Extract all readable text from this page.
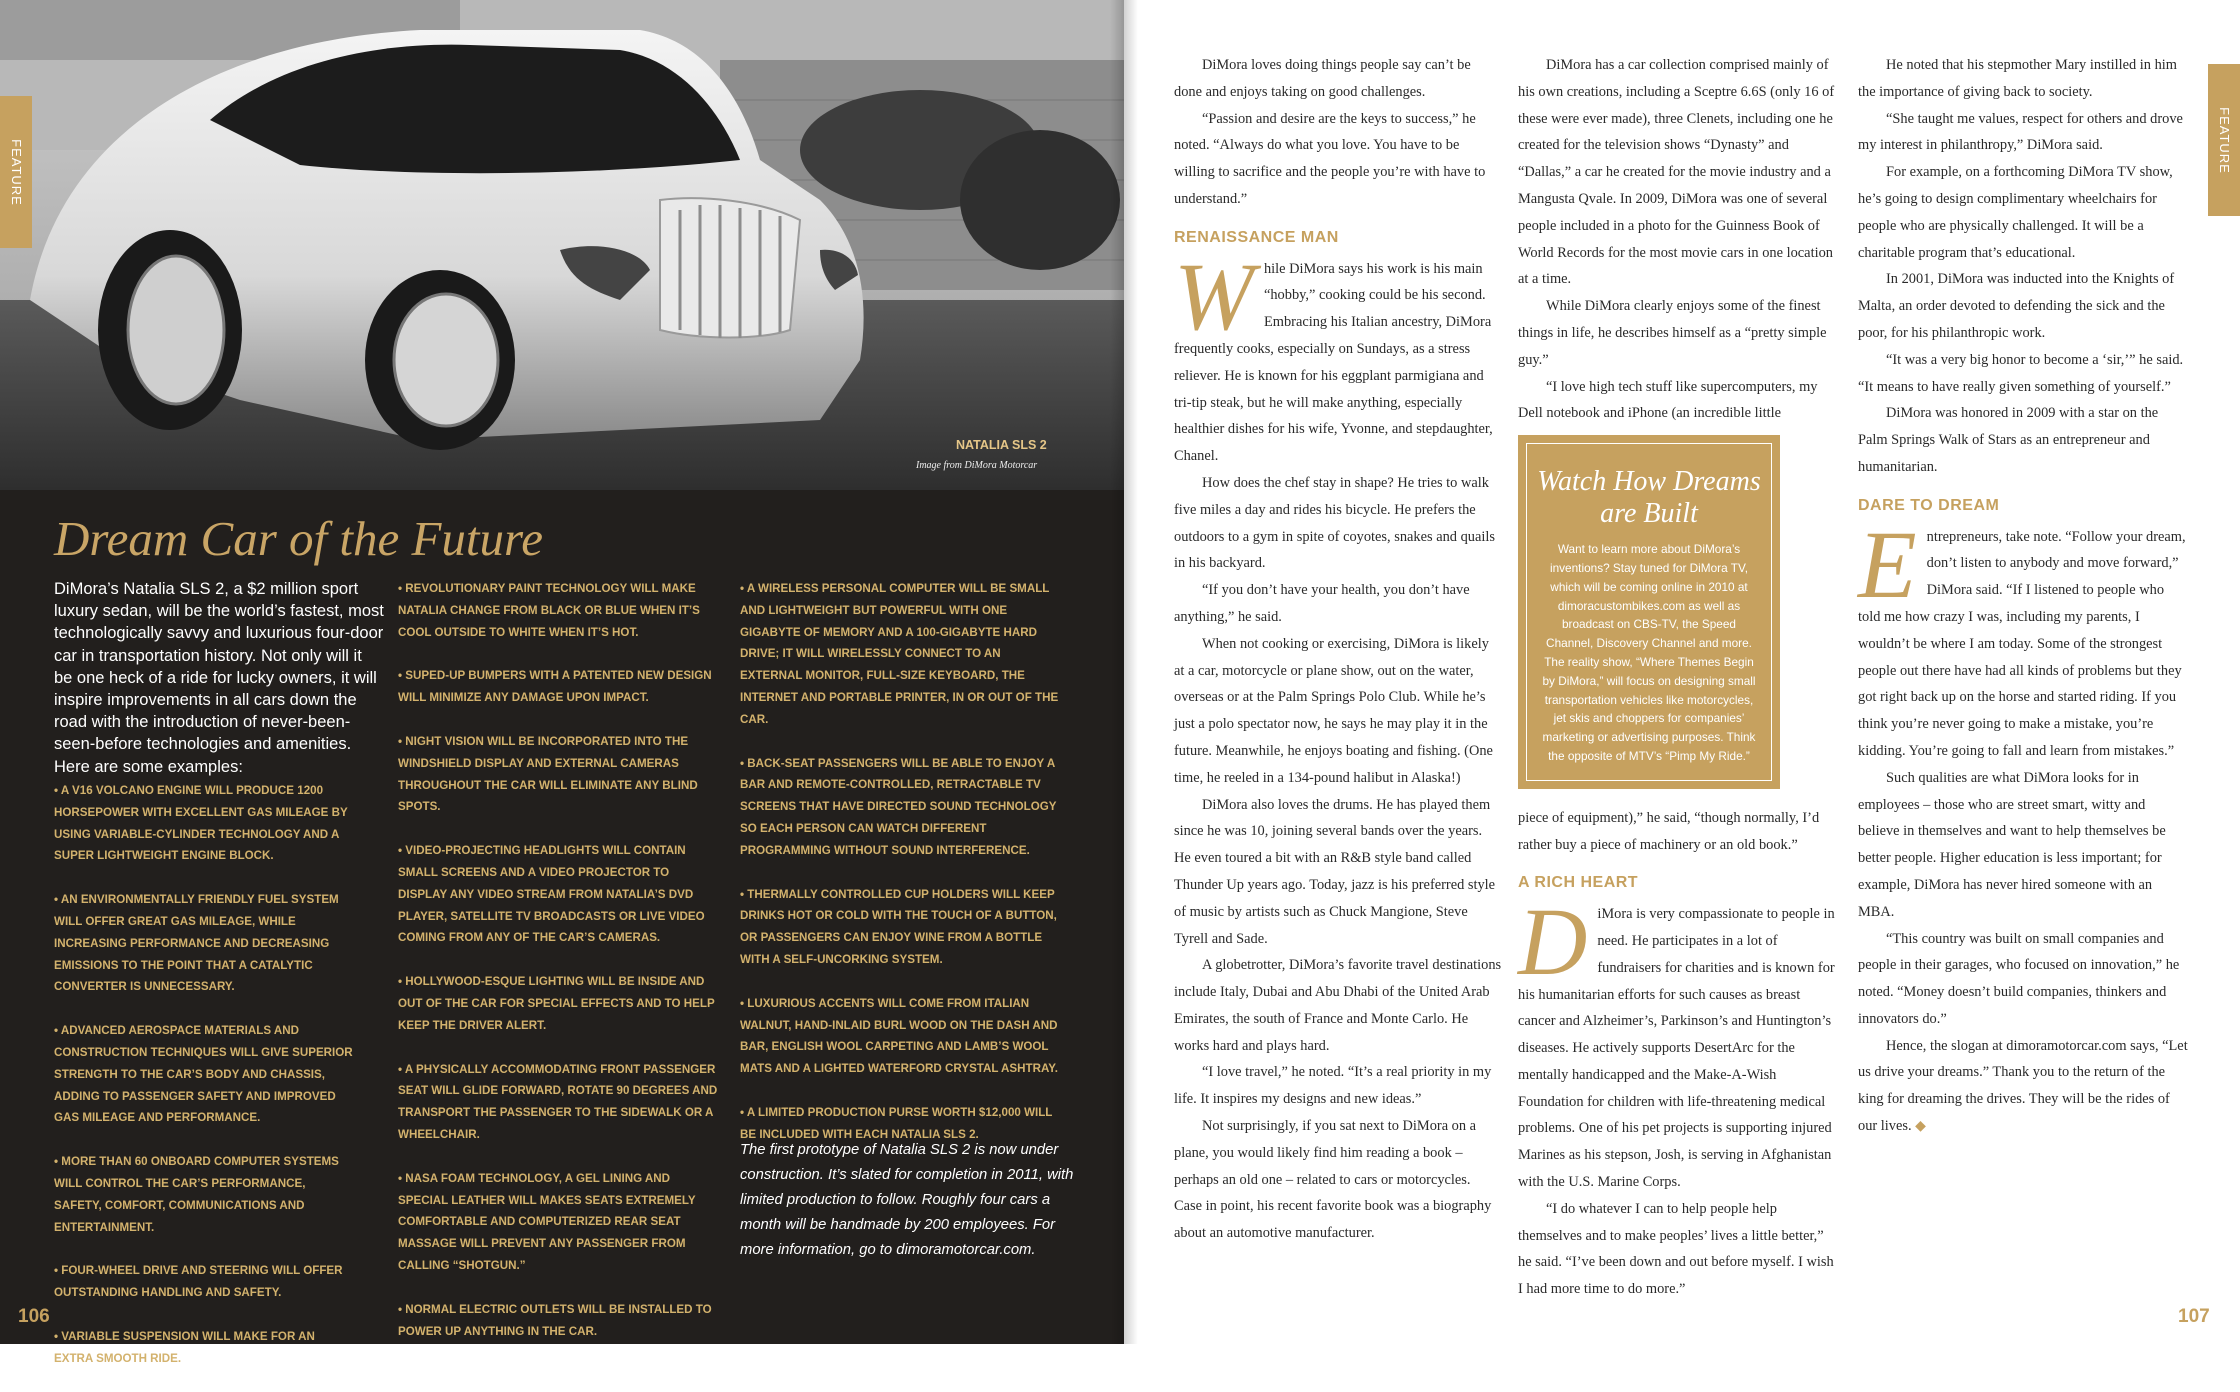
FEATURE
NATALIA SLS 2
Image from DiMora Motorcar
Dream Car of the Future
DiMora’s Natalia SLS 2, a $2 million sport luxury sedan, will be the world’s fastest, most technologically savvy and luxurious four-door car in transportation history. Not only will it be one heck of a ride for lucky owners, it will inspire improvements in all cars down the road with the introduction of never-been-seen-before technologies and amenities. Here are some examples:
• A V16 VOLCANO ENGINE WILL PRODUCE 1200 HORSEPOWER WITH EXCELLENT GAS MILEAGE BY USING VARIABLE-CYLINDER TECHNOLOGY AND A SUPER LIGHTWEIGHT ENGINE BLOCK.
• AN ENVIRONMENTALLY FRIENDLY FUEL SYSTEM WILL OFFER GREAT GAS MILEAGE, WHILE INCREASING PERFORMANCE AND DECREASING EMISSIONS TO THE POINT THAT A CATALYTIC CONVERTER IS UNNECESSARY.
• ADVANCED AEROSPACE MATERIALS AND CONSTRUCTION TECHNIQUES WILL GIVE SUPERIOR STRENGTH TO THE CAR’S BODY AND CHASSIS, ADDING TO PASSENGER SAFETY AND IMPROVED GAS MILEAGE AND PERFORMANCE.
• MORE THAN 60 ONBOARD COMPUTER SYSTEMS WILL CONTROL THE CAR’S PERFORMANCE, SAFETY, COMFORT, COMMUNICATIONS AND ENTERTAINMENT.
• FOUR-WHEEL DRIVE AND STEERING WILL OFFER OUTSTANDING HANDLING AND SAFETY.
• VARIABLE SUSPENSION WILL MAKE FOR AN EXTRA SMOOTH RIDE.
• REVOLUTIONARY PAINT TECHNOLOGY WILL MAKE NATALIA CHANGE FROM BLACK OR BLUE WHEN IT’S COOL OUTSIDE TO WHITE WHEN IT’S HOT.
• SUPED-UP BUMPERS WITH A PATENTED NEW DESIGN WILL MINIMIZE ANY DAMAGE UPON IMPACT.
• NIGHT VISION WILL BE INCORPORATED INTO THE WINDSHIELD DISPLAY AND EXTERNAL CAMERAS THROUGHOUT THE CAR WILL ELIMINATE ANY BLIND SPOTS.
• VIDEO-PROJECTING HEADLIGHTS WILL CONTAIN SMALL SCREENS AND A VIDEO PROJECTOR TO DISPLAY ANY VIDEO STREAM FROM NATALIA’S DVD PLAYER, SATELLITE TV BROADCASTS OR LIVE VIDEO COMING FROM ANY OF THE CAR’S CAMERAS.
• HOLLYWOOD-ESQUE LIGHTING WILL BE INSIDE AND OUT OF THE CAR FOR SPECIAL EFFECTS AND TO HELP KEEP THE DRIVER ALERT.
• A PHYSICALLY ACCOMMODATING FRONT PASSENGER SEAT WILL GLIDE FORWARD, ROTATE 90 DEGREES AND TRANSPORT THE PASSENGER TO THE SIDEWALK OR A WHEELCHAIR.
• NASA FOAM TECHNOLOGY, A GEL LINING AND SPECIAL LEATHER WILL MAKES SEATS EXTREMELY COMFORTABLE AND COMPUTERIZED REAR SEAT MASSAGE WILL PREVENT ANY PASSENGER FROM CALLING “SHOTGUN.”
• NORMAL ELECTRIC OUTLETS WILL BE INSTALLED TO POWER UP ANYTHING IN THE CAR.
• A WIRELESS PERSONAL COMPUTER WILL BE SMALL AND LIGHTWEIGHT BUT POWERFUL WITH ONE GIGABYTE OF MEMORY AND A 100-GIGABYTE HARD DRIVE; IT WILL WIRELESSLY CONNECT TO AN EXTERNAL MONITOR, FULL-SIZE KEYBOARD, THE INTERNET AND PORTABLE PRINTER, IN OR OUT OF THE CAR.
• BACK-SEAT PASSENGERS WILL BE ABLE TO ENJOY A BAR AND REMOTE-CONTROLLED, RETRACTABLE TV SCREENS THAT HAVE DIRECTED SOUND TECHNOLOGY SO EACH PERSON CAN WATCH DIFFERENT PROGRAMMING WITHOUT SOUND INTERFERENCE.
• THERMALLY CONTROLLED CUP HOLDERS WILL KEEP DRINKS HOT OR COLD WITH THE TOUCH OF A BUTTON, OR PASSENGERS CAN ENJOY WINE FROM A BOTTLE WITH A SELF-UNCORKING SYSTEM.
• LUXURIOUS ACCENTS WILL COME FROM ITALIAN WALNUT, HAND-INLAID BURL WOOD ON THE DASH AND BAR, ENGLISH WOOL CARPETING AND LAMB’S WOOL MATS AND A LIGHTED WATERFORD CRYSTAL ASHTRAY.
• A LIMITED PRODUCTION PURSE WORTH $12,000 WILL BE INCLUDED WITH EACH NATALIA SLS 2.
The first prototype of Natalia SLS 2 is now under construction. It’s slated for completion in 2011, with limited production to follow. Roughly four cars a month will be handmade by 200 employees. For more information, go to dimoramotorcar.com.
106
FEATURE

DiMora loves doing things people say can’t be done and enjoys taking on good challenges.

“Passion and desire are the keys to success,” he noted. “Always do what you love. You have to be willing to sacrifice and the people you’re with have to understand.”

RENAISSANCE MAN

While DiMora says his work is his main “hobby,” cooking could be his second. Embracing his Italian ancestry, DiMora frequently cooks, especially on Sundays, as a stress reliever. He is known for his eggplant parmigiana and tri-tip steak, but he will make anything, especially healthier dishes for his wife, Yvonne, and stepdaughter, Chanel.

How does the chef stay in shape? He tries to walk five miles a day and rides his bicycle. He prefers the outdoors to a gym in spite of coyotes, snakes and quails in his backyard.

“If you don’t have your health, you don’t have anything,” he said.

When not cooking or exercising, DiMora is likely at a car, motorcycle or plane show, out on the water, overseas or at the Palm Springs Polo Club. While he’s just a polo spectator now, he says he may play it in the future. Meanwhile, he enjoys boating and fishing. (One time, he reeled in a 134-pound halibut in Alaska!)

DiMora also loves the drums. He has played them since he was 10, joining several bands over the years. He even toured a bit with an R&B style band called Thunder Up years ago. Today, jazz is his preferred style of music by artists such as Chuck Mangione, Steve Tyrell and Sade.

A globetrotter, DiMora’s favorite travel destinations include Italy, Dubai and Abu Dhabi of the United Arab Emirates, the south of France and Monte Carlo. He works hard and plays hard.

“I love travel,” he noted. “It’s a real priority in my life. It inspires my designs and new ideas.”

Not surprisingly, if you sat next to DiMora on a plane, you would likely find him reading a book – perhaps an old one – related to cars or motorcycles. Case in point, his recent favorite book was a biography about an automotive manufacturer.

DiMora has a car collection comprised mainly of his own creations, including a Sceptre 6.6S (only 16 of these were ever made), three Clenets, including one he created for the television shows “Dynasty” and “Dallas,” a car he created for the movie industry and a Mangusta Qvale. In 2009, DiMora was one of several people included in a photo for the Guinness Book of World Records for the most movie cars in one location at a time.

While DiMora clearly enjoys some of the finest things in life, he describes himself as a “pretty simple guy.”

“I love high tech stuff like supercomputers, my Dell notebook and iPhone (an incredible little

Watch How Dreams are Built
Want to learn more about DiMora’s inventions? Stay tuned for DiMora TV, which will be coming online in 2010 at dimoracustombikes.com as well as broadcast on CBS-TV, the Speed Channel, Discovery Channel and more. The reality show, “Where Themes Begin by DiMora,” will focus on designing small transportation vehicles like motorcycles, jet skis and choppers for companies’ marketing or advertising purposes. Think the opposite of MTV’s “Pimp My Ride.”

piece of equipment),” he said, “though normally, I’d rather buy a piece of machinery or an old book.”

A RICH HEART

DiMora is very compassionate to people in need. He participates in a lot of fundraisers for charities and is known for his humanitarian efforts for such causes as breast cancer and Alzheimer’s, Parkinson’s and Huntington’s diseases. He actively supports DesertArc for the mentally handicapped and the Make-A-Wish Foundation for children with life-threatening medical problems. One of his pet projects is supporting injured Marines as his stepson, Josh, is serving in Afghanistan with the U.S. Marine Corps.

“I do whatever I can to help people help themselves and to make peoples’ lives a little better,” he said. “I’ve been down and out before myself. I wish I had more time to do more.”

He noted that his stepmother Mary instilled in him the importance of giving back to society.

“She taught me values, respect for others and drove my interest in philanthropy,” DiMora said.

For example, on a forthcoming DiMora TV show, he’s going to design complimentary wheelchairs for people who are physically challenged. It will be a charitable program that’s educational.

In 2001, DiMora was inducted into the Knights of Malta, an order devoted to defending the sick and the poor, for his philanthropic work.

“It was a very big honor to become a ‘sir,’” he said. “It means to have really given something of yourself.”

DiMora was honored in 2009 with a star on the Palm Springs Walk of Stars as an entrepreneur and humanitarian.

DARE TO DREAM

Entrepreneurs, take note. “Follow your dream, don’t listen to anybody and move forward,” DiMora said. “If I listened to people who told me how crazy I was, including my parents, I wouldn’t be where I am today. Some of the strongest people out there have had all kinds of problems but they got right back up on the horse and started riding. If you think you’re never going to make a mistake, you’re kidding. You’re going to fall and learn from mistakes.”

Such qualities are what DiMora looks for in employees – those who are street smart, witty and believe in themselves and want to help themselves be better people. Higher education is less important; for example, DiMora has never hired someone with an MBA.

“This country was built on small companies and people in their garages, who focused on innovation,” he noted. “Money doesn’t build companies, thinkers and innovators do.”

Hence, the slogan at dimoramotorcar.com says, “Let us drive your dreams.” Thank you to the return of the king for dreaming the drives. They will be the rides of our lives. ◆

107
